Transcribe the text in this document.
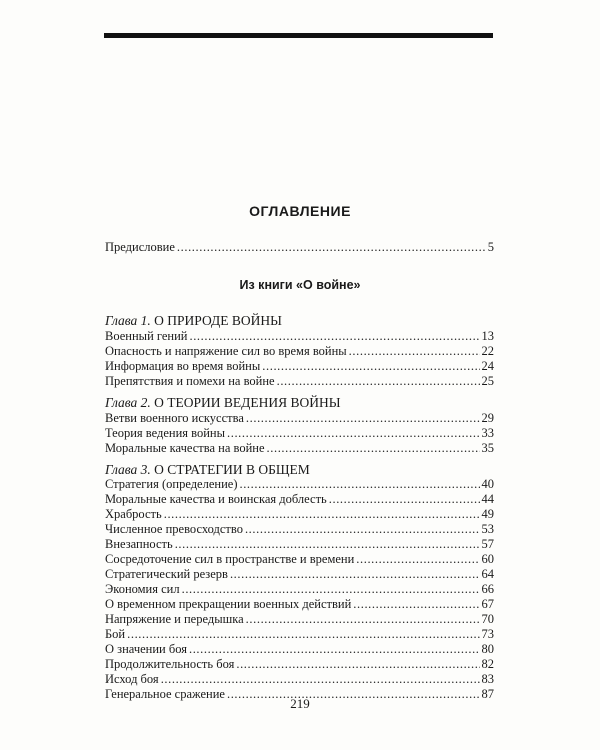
ОГЛАВЛЕНИЕ
Предисловие .....	5
Из книги «О войне»
Глава 1. О ПРИРОДЕ ВОЙНЫ
Военный гений .....	13
Опасность и напряжение сил во время войны .....	22
Информация во время войны .....	24
Препятствия и помехи на войне .....	25
Глава 2. О ТЕОРИИ ВЕДЕНИЯ ВОЙНЫ
Ветви военного искусства .....	29
Теория ведения войны .....	33
Моральные качества на войне .....	35
Глава 3. О СТРАТЕГИИ В ОБЩЕМ
Стратегия (определение) .....	40
Моральные качества и воинская доблесть .....	44
Храбрость .....	49
Численное превосходство .....	53
Внезапность .....	57
Сосредоточение сил в пространстве и времени .....	60
Стратегический резерв .....	64
Экономия сил .....	66
О временном прекращении военных действий .....	67
Напряжение и передышка .....	70
Бой .....	73
О значении боя .....	80
Продолжительность боя .....	82
Исход боя .....	83
Генеральное сражение .....	87
219
